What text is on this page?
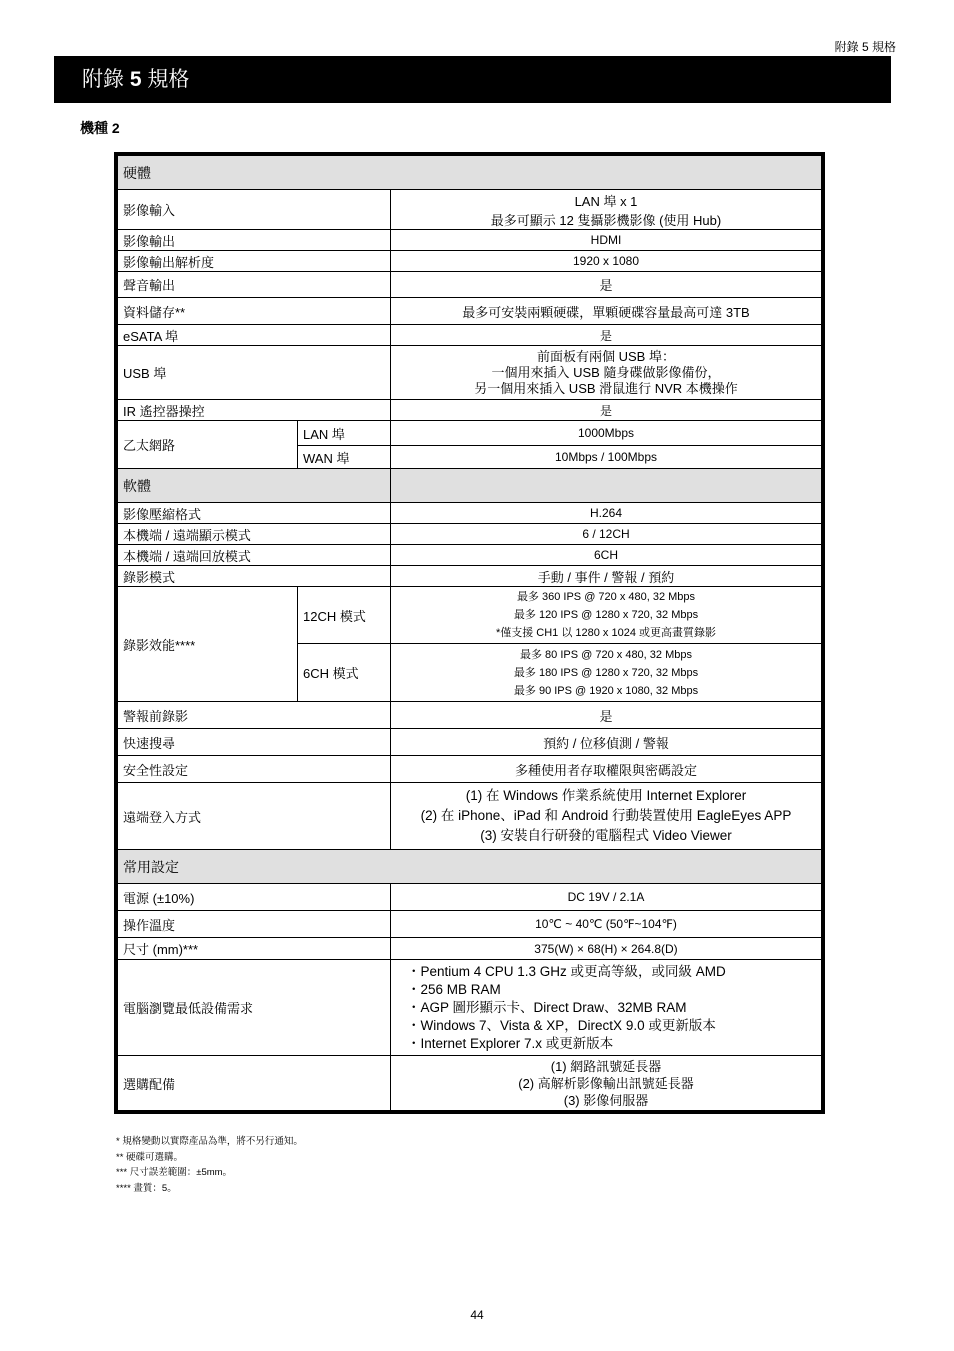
附錄 5 規格
附錄 5 規格
機種 2
硬體		
影像輸入		LAN 埠 x 1
最多可顯示 12 隻攝影機影像 (使用 Hub)

影像輸出		HDMI
影像輸出解析度		1920 x 1080
聲音輸出		是
資料儲存**		最多可安裝兩顆硬碟，單顆硬碟容量最高可達 3TB
eSATA 埠		是
USB 埠		前面板有兩個 USB 埠：
一個用來插入 USB 隨身碟做影像備份，
另一個用來插入 USB 滑鼠進行 NVR 本機操作

IR 遙控器操控		是
乙太網路	LAN 埠	1000Mbps
	WAN 埠	10Mbps / 100Mbps
軟體		
影像壓縮格式		H.264
本機端 / 遠端顯示模式		6 / 12CH
本機端 / 遠端回放模式		6CH
錄影模式		手動 / 事件 / 警報 / 預約
錄影效能****	12CH 模式	最多 360 IPS @ 720 x 480, 32 Mbps
最多 120 IPS @ 1280 x 720, 32 Mbps
*僅支援 CH1 以 1280 x 1024 或更高畫質錄影

	6CH 模式	最多 80 IPS @ 720 x 480, 32 Mbps
最多 180 IPS @ 1280 x 720, 32 Mbps
最多 90 IPS @ 1920 x 1080, 32 Mbps

警報前錄影		是
快速搜尋		預約 / 位移偵測 / 警報
安全性設定		多種使用者存取權限與密碼設定
遠端登入方式		(1) 在 Windows 作業系統使用 Internet Explorer
(2) 在 iPhone、iPad 和 Android 行動裝置使用 EagleEyes APP
(3) 安裝自行研發的電腦程式 Video Viewer

常用設定		
電源 (±10%)		DC 19V / 2.1A
操作溫度		10℃ ~ 40℃ (50℉~104℉)
尺寸 (mm)***		375(W) × 68(H) × 264.8(D)
電腦瀏覽最低設備需求		・Pentium 4 CPU 1.3 GHz 或更高等級，或同級 AMD
・256 MB RAM
・AGP 圖形顯示卡、Direct Draw、32MB RAM
・Windows 7、Vista & XP，DirectX 9.0 或更新版本
・Internet Explorer 7.x 或更新版本

選購配備		(1) 網路訊號延長器
(2) 高解析影像輸出訊號延長器
(3) 影像伺服器
* 規格變動以實際產品為準，將不另行通知。
** 硬碟可選購。
*** 尺寸誤差範圍：±5mm。
**** 畫質：5。
44
